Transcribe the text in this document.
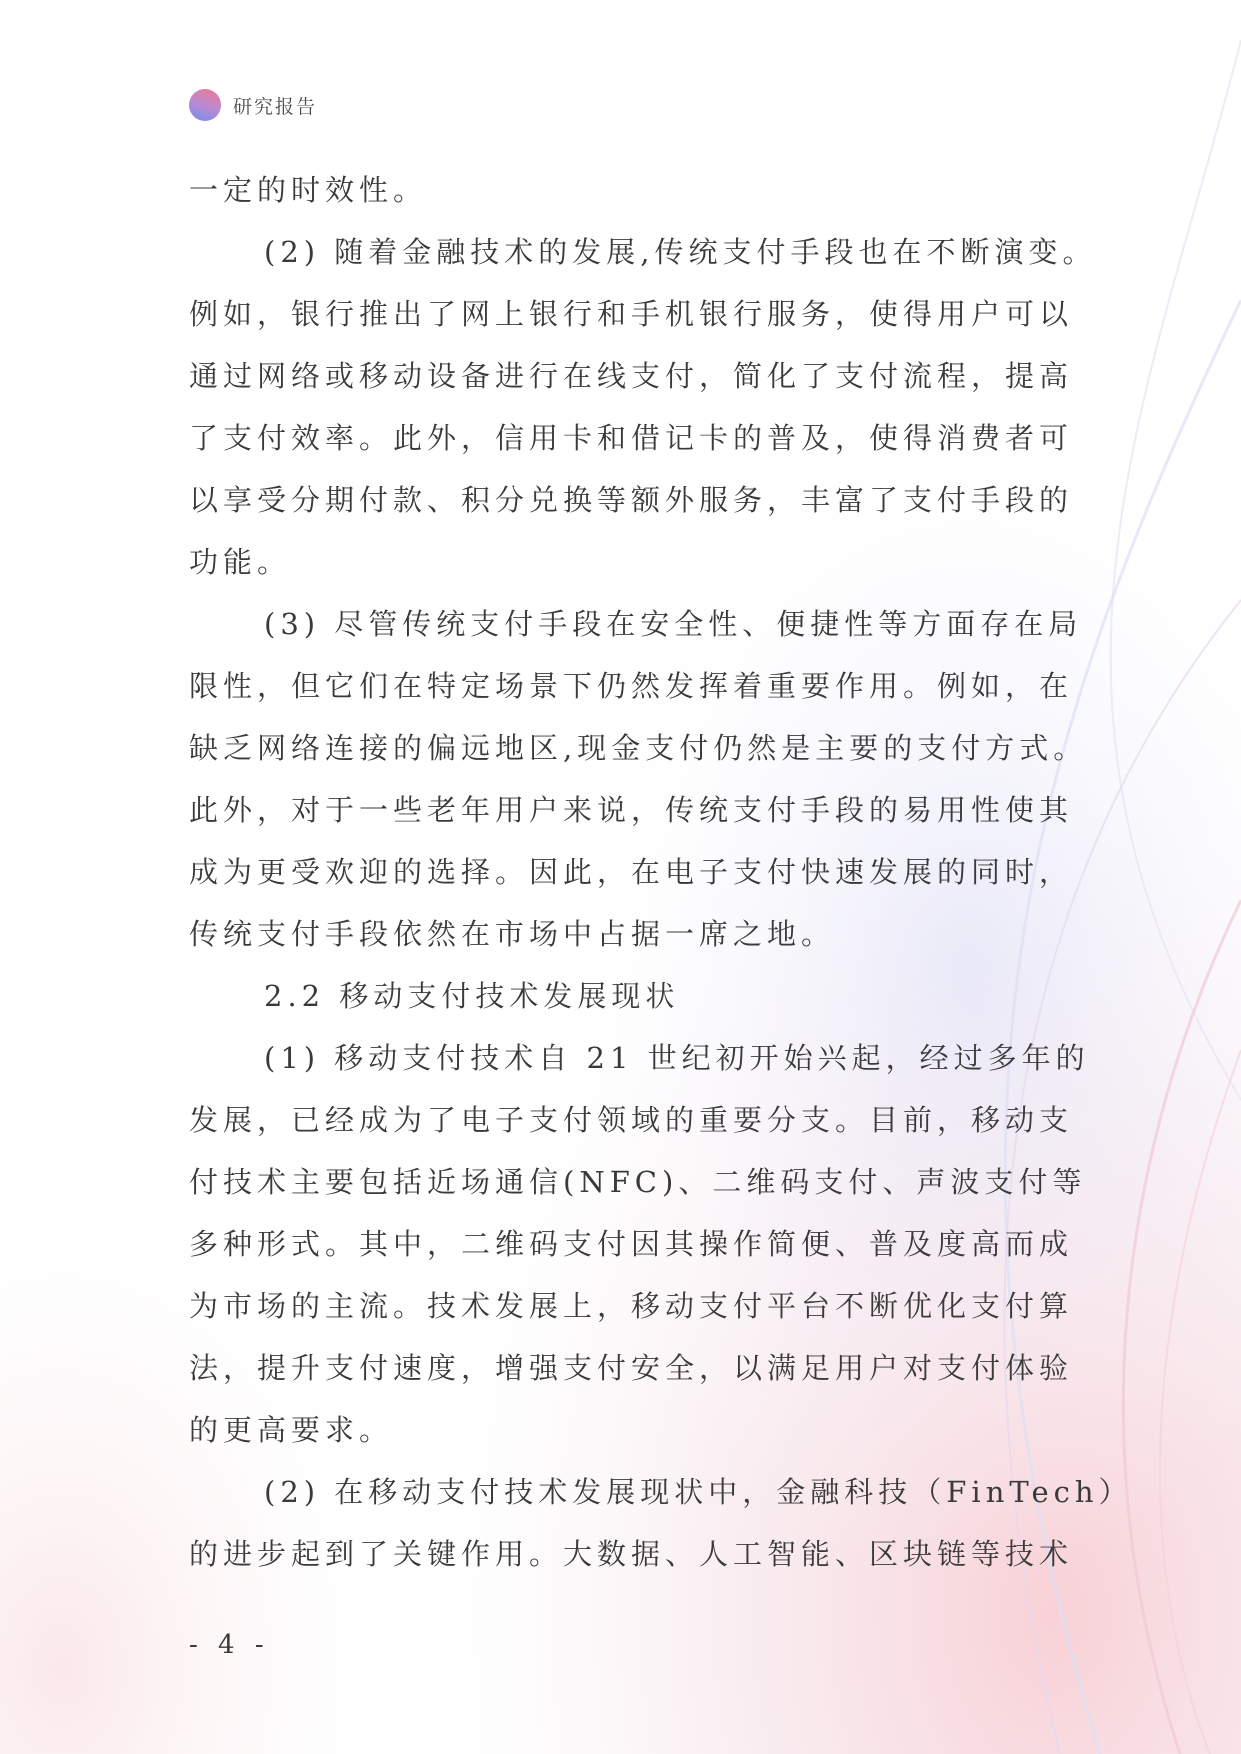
研究报告
一定的时效性。
(2) 随着金融技术的发展,传统支付手段也在不断演变。
例如，银行推出了网上银行和手机银行服务，使得用户可以
通过网络或移动设备进行在线支付，简化了支付流程，提高
了支付效率。此外，信用卡和借记卡的普及，使得消费者可
以享受分期付款、积分兑换等额外服务，丰富了支付手段的
功能。
(3) 尽管传统支付手段在安全性、便捷性等方面存在局
限性，但它们在特定场景下仍然发挥着重要作用。例如，在
缺乏网络连接的偏远地区,现金支付仍然是主要的支付方式。
此外，对于一些老年用户来说，传统支付手段的易用性使其
成为更受欢迎的选择。因此，在电子支付快速发展的同时，
传统支付手段依然在市场中占据一席之地。
2.2 移动支付技术发展现状
(1) 移动支付技术自 21 世纪初开始兴起，经过多年的
发展，已经成为了电子支付领域的重要分支。目前，移动支
付技术主要包括近场通信(NFC)、二维码支付、声波支付等
多种形式。其中，二维码支付因其操作简便、普及度高而成
为市场的主流。技术发展上，移动支付平台不断优化支付算
法，提升支付速度，增强支付安全，以满足用户对支付体验
的更高要求。
(2) 在移动支付技术发展现状中，金融科技（FinTech）
的进步起到了关键作用。大数据、人工智能、区块链等技术
- 4 -
